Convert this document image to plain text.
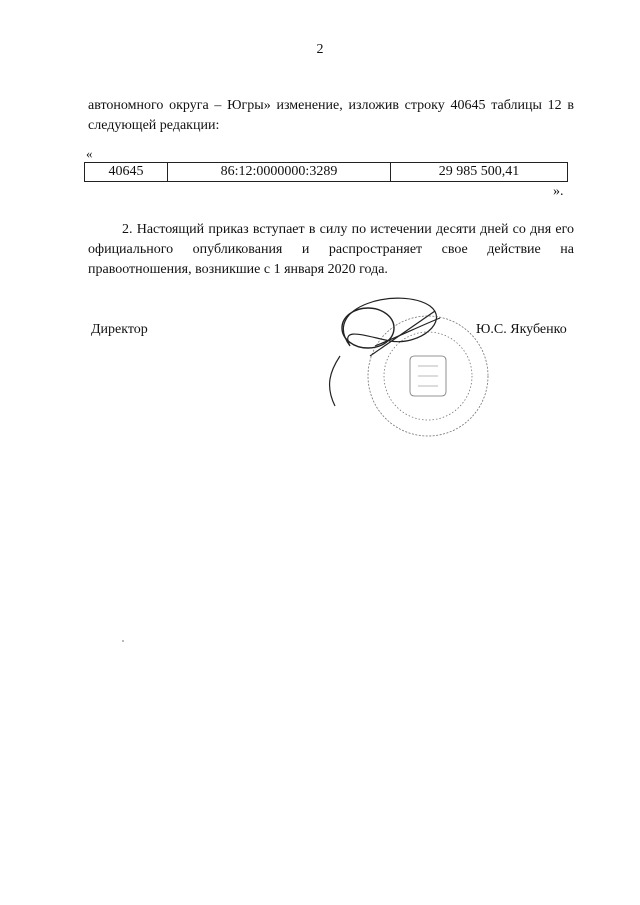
2
автономного округа – Югры» изменение, изложив строку 40645 таблицы 12 в следующей редакции:
«
40645	86:12:0000000:3289	29 985 500,41
».
2. Настоящий приказ вступает в силу по истечении десяти дней со дня его официального опубликования и распространяет свое действие на правоотношения, возникшие с 1 января 2020 года.
Директор	Ю.С. Якубенко
